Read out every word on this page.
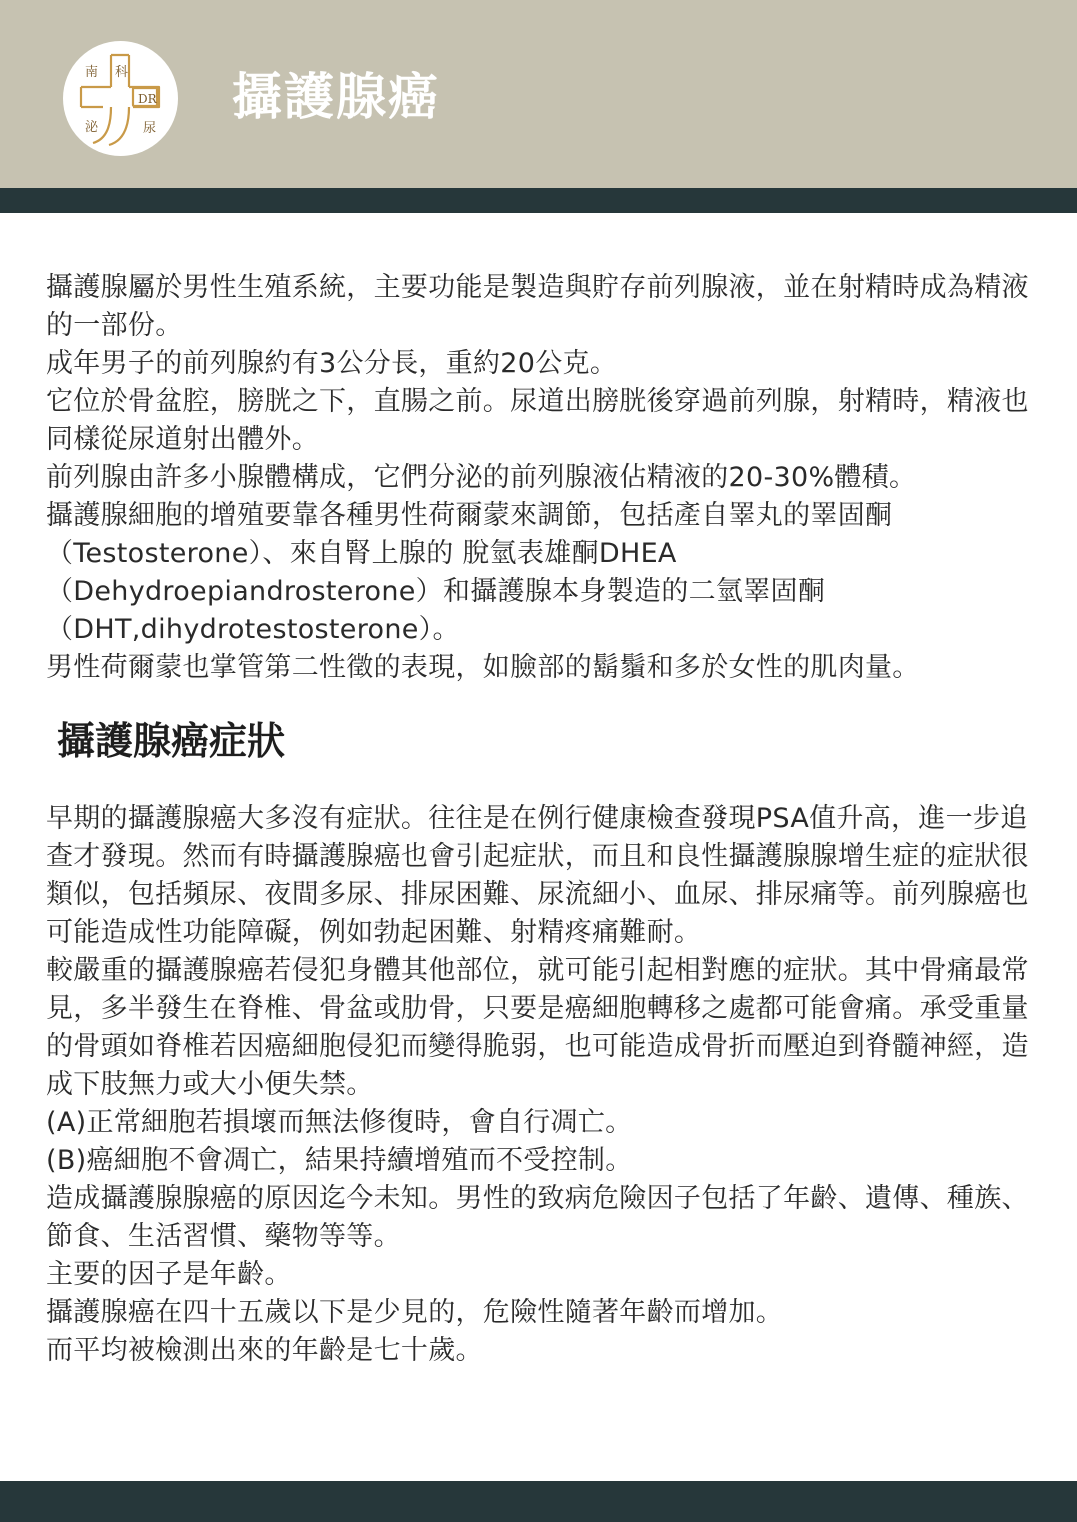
南 科
DR
泌	尿
攝護腺癌

攝護腺屬於男性生殖系統，主要功能是製造與貯存前列腺液，並在射精時成為精液的一部份。

成年男子的前列腺約有3公分長，重約20公克。

它位於骨盆腔，膀胱之下，直腸之前。尿道出膀胱後穿過前列腺，射精時，精液也同樣從尿道射出體外。

前列腺由許多小腺體構成，它們分泌的前列腺液佔精液的20-30%體積。

攝護腺細胞的增殖要靠各種男性荷爾蒙來調節，包括產自睪丸的睪固酮

（Testosterone）、來自腎上腺的 脫氫表雄酮DHEA

（Dehydroepiandrosterone）和攝護腺本身製造的二氫睪固酮

（DHT,dihydrotestosterone）。

男性荷爾蒙也掌管第二性徵的表現，如臉部的鬍鬚和多於女性的肌肉量。

攝護腺癌症狀

早期的攝護腺癌大多沒有症狀。往往是在例行健康檢查發現PSA值升高，進一步追查才發現。然而有時攝護腺癌也會引起症狀，而且和良性攝護腺腺增生症的症狀很類似，包括頻尿、夜間多尿、排尿困難、尿流細小、血尿、排尿痛等。前列腺癌也可能造成性功能障礙，例如勃起困難、射精疼痛難耐。

較嚴重的攝護腺癌若侵犯身體其他部位，就可能引起相對應的症狀。其中骨痛最常見，多半發生在脊椎、骨盆或肋骨，只要是癌細胞轉移之處都可能會痛。承受重量的骨頭如脊椎若因癌細胞侵犯而變得脆弱，也可能造成骨折而壓迫到脊髓神經，造成下肢無力或大小便失禁。

(A)正常細胞若損壞而無法修復時，會自行凋亡。

(B)癌細胞不會凋亡，結果持續增殖而不受控制。

造成攝護腺腺癌的原因迄今未知。男性的致病危險因子包括了年齡、遺傳、種族、節食、生活習慣、藥物等等。

主要的因子是年齡。

攝護腺癌在四十五歲以下是少見的，危險性隨著年齡而增加。

而平均被檢測出來的年齡是七十歲。
